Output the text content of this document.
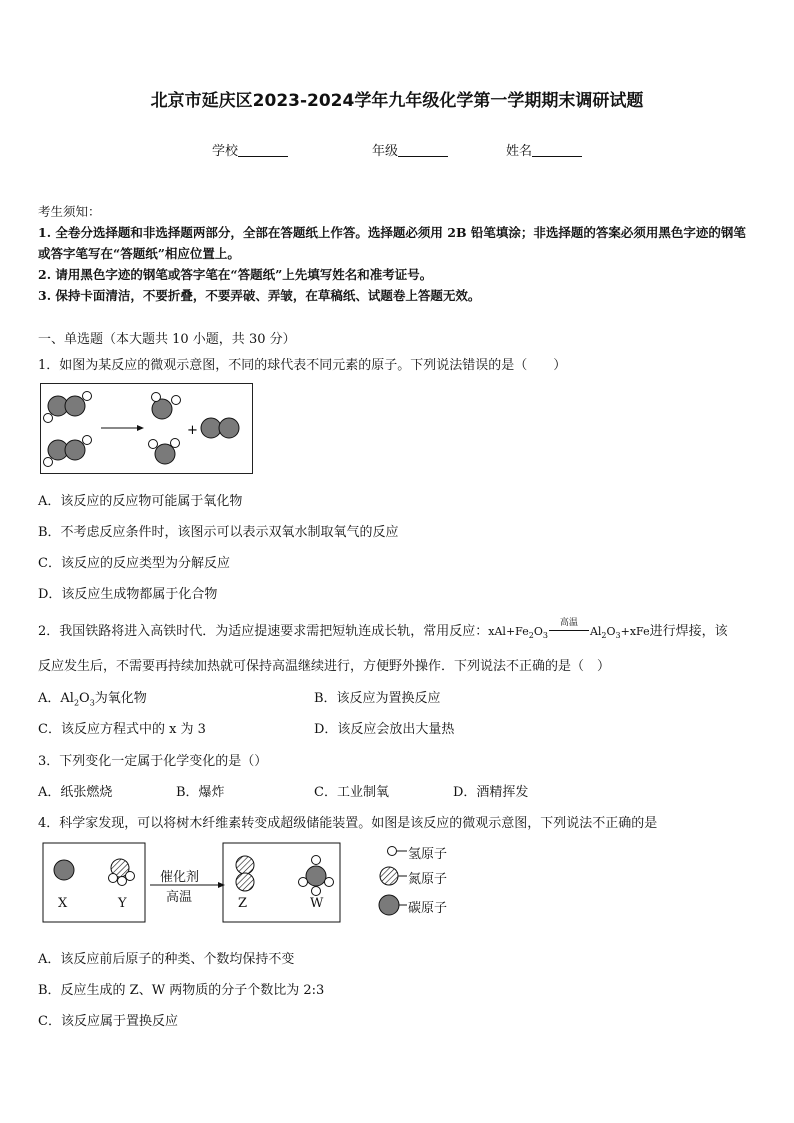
北京市延庆区2023-2024学年九年级化学第一学期期末调研试题
学校	年级	姓名
考生须知：
1. 全卷分选择题和非选择题两部分，全部在答题纸上作答。选择题必须用 2B 铅笔填涂；非选择题的答案必须用黑色字迹的钢笔或答字笔写在“答题纸”相应位置上。
2. 请用黑色字迹的钢笔或答字笔在“答题纸”上先填写姓名和准考证号。
3. 保持卡面清洁，不要折叠，不要弄破、弄皱，在草稿纸、试题卷上答题无效。
一、单选题（本大题共 10 小题，共 30 分）
1．如图为某反应的微观示意图，不同的球代表不同元素的原子。下列说法错误的是（　　）
+
A．该反应的反应物可能属于氧化物
B．不考虑反应条件时，该图示可以表示双氧水制取氧气的反应
C．该反应的反应类型为分解反应
D．该反应生成物都属于化合物
2．我国铁路将进入高铁时代．为适应提速要求需把短轨连成长轨，常用反应：$xAl+Fe_2O_3$
高温
$Al_2O_3+xFe$进行焊接，该
反应发生后，不需要再持续加热就可保持高温继续进行，方便野外操作．下列说法不正确的是（　）
A．$Al_2O_3$为氧化物	B．该反应为置换反应
C．该反应方程式中的 x 为 3	D．该反应会放出大量热
3．下列变化一定属于化学变化的是（）
A．纸张燃烧	B．爆炸	C．工业制氧	D．酒精挥发
4．科学家发现，可以将树木纤维素转变成超级储能装置。如图是该反应的微观示意图，下列说法不正确的是
X	Y	Z	W
催化剂
高温
氢原子
氮原子
碳原子
A．该反应前后原子的种类、个数均保持不变
B．反应生成的 Z、W 两物质的分子个数比为 2:3
C．该反应属于置换反应
